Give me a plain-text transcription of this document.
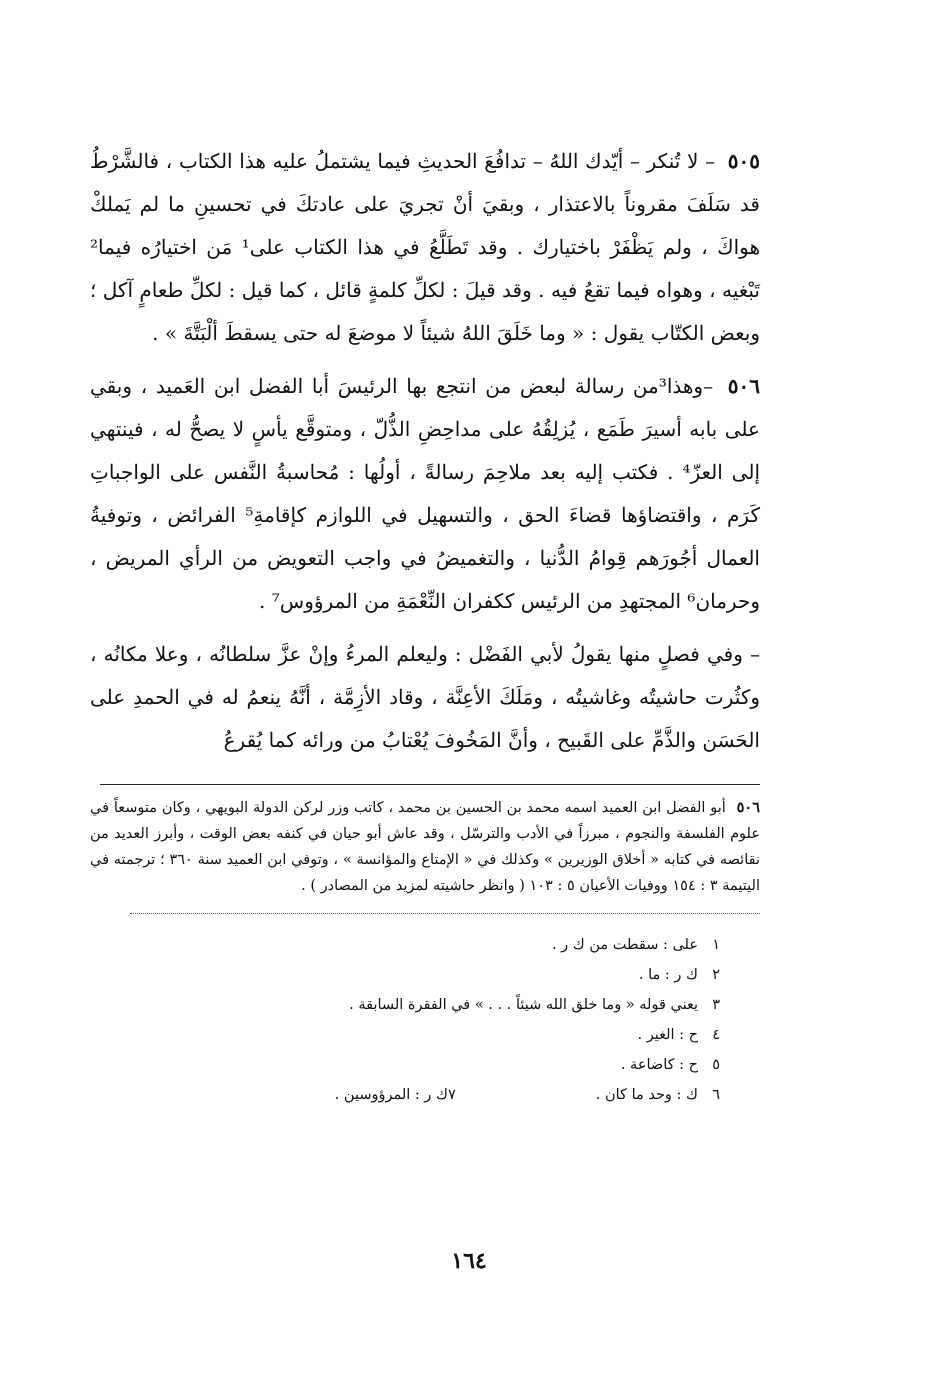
٥٠٥ – لا تُنكر – أيّدك اللهُ – تدافُعَ الحديثِ فيما يشتملُ عليه هذا الكتاب ، فالشَّرْطُ قد سَلَفَ مقروناً بالاعتذار ، وبقيَ أنْ تجريَ على عادتكَ في تحسينِ ما لم يَملكْ هواكَ ، ولم يَظْفَرْ باختيارك . وقد تَطَلَّعُ في هذا الكتاب على¹ مَن اختيارُه فيما² تَبْغيه ، وهواه فيما تقعُ فيه . وقد قيلَ : لكلِّ كلمةٍ قائل ، كما قيل : لكلِّ طعامٍ آكل ؛ وبعض الكتّاب يقول : « وما خَلَقَ اللهُ شيئاً لا موضعَ له حتى يسقطَ ألْبَتَّةَ » .

٥٠٦ –وهذا³من رسالة لبعض من انتجع بها الرئيسَ أبا الفضل ابن العَميد ، وبقي على بابه أسيرَ طَمَع ، يُزلِقُهُ على مداحِضِ الذُّلّ ، ومتوقَّع يأسٍ لا يصحُّ له ، فينتهي إلى العزّ⁴ . فكتب إليه بعد ملاحِمَ رسالةً ، أولُها : مُحاسبةُ النَّفس على الواجباتِ كَرَم ، واقتضاؤها قضاءَ الحق ، والتسهيل في اللوازم كإقامةِ⁵ الفرائض ، وتوفيةُ العمال أجُورَهم قِوامُ الدُّنيا ، والتغميضُ في واجب التعويض من الرأي المريض ، وحرمان⁶ المجتهدِ من الرئيس ككفران النِّعْمَةِ من المرؤوس⁷ .

– وفي فصلٍ منها يقولُ لأبي الفَضْل : وليعلم المرءُ وإنْ عزَّ سلطانُه ، وعلا مكانُه ، وكثُرت حاشيتُه وغاشيتُه ، ومَلَكَ الأعِنَّة ، وقاد الأزِمَّة ، أنَّهُ ينعمُ له في الحمدِ على الحَسَن والذَّمِّ على القَبيح ، وأنَّ المَخُوفَ يُعْتابُ من ورائه كما يُقرعُ

٥٠٦ أبو الفضل ابن العميد اسمه محمد بن الحسين بن محمد ، كاتب وزر لركن الدولة البويهي ، وكان متوسعاً في علوم الفلسفة والنجوم ، مبرزاً في الأدب والترسّل ، وقد عاش أبو حيان في كنفه بعض الوقت ، وأبرز العديد من نقائصه في كتابه « أخلاق الوزيرين » وكذلك في « الإمتاع والمؤانسة » ، وتوفي ابن العميد سنة ٣٦٠ ؛ ترجمته في اليتيمة ٣ : ١٥٤ ووفيات الأعيان ٥ : ١٠٣ ( وانظر حاشيته لمزيد من المصادر ) .
١
على : سقطت من ك ر .
٢
ك ر : ما .
٣
يعني قوله « وما خلق الله شيئاً . . . » في الفقرة السابقة .
٤
ح : الغير .
٥
ح : كاضاعة .
٦
ك : وحد ما كان .
٧ك ر : المرؤوسين .
١٦٤
